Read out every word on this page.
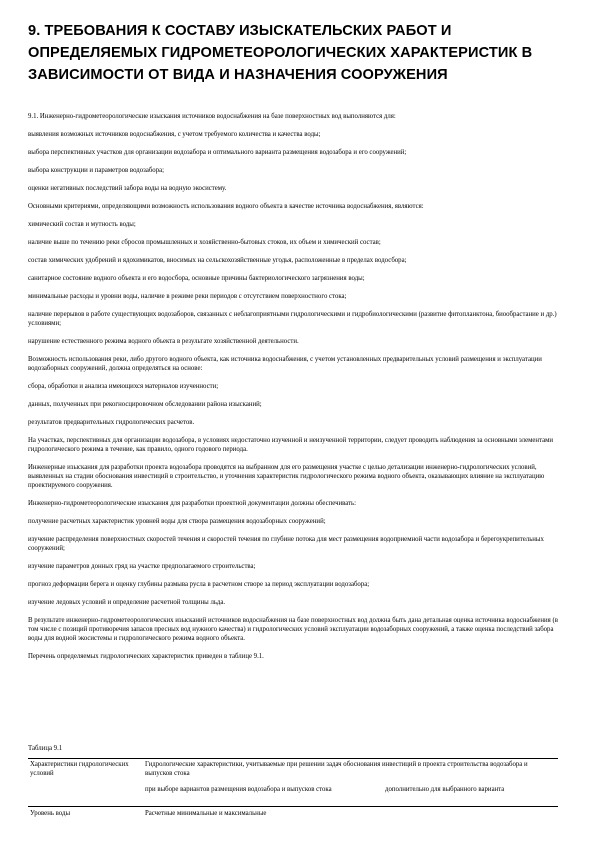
9. ТРЕБОВАНИЯ К СОСТАВУ ИЗЫСКАТЕЛЬСКИХ РАБОТ И ОПРЕДЕЛЯЕМЫХ ГИДРОМЕТЕОРОЛОГИЧЕСКИХ ХАРАКТЕРИСТИК В ЗАВИСИМОСТИ ОТ ВИДА И НАЗНАЧЕНИЯ СООРУЖЕНИЯ

9.1. Инженерно-гидрометеорологические изыскания источников водоснабжения на базе поверхностных вод выполняются для:

выявления возможных источников водоснабжения, с учетом требуемого количества и качества воды;

выбора перспективных участков для организации водозабора и оптимального варианта размещения водозабора и его сооружений;

выбора конструкции и параметров водозабора;

оценки негативных последствий забора воды на водную экосистему.

Основными критериями, определяющими возможность использования водного объекта в качестве источника водоснабжения, являются:

химический состав и мутность воды;

наличие выше по течению реки сбросов промышленных и хозяйственно-бытовых стоков, их объем и химический состав;

состав химических удобрений и ядохимикатов, вносимых на сельскохозяйственные угодья, расположенные в пределах водосбора;

санитарное состояние водного объекта и его водосбора, основные причины бактериологического загрязнения воды;

минимальные расходы и уровни воды, наличие в режиме реки периодов с отсутствием поверхностного стока;

наличие перерывов в работе существующих водозаборов, связанных с неблагоприятными гидрологическими и гидробиологическими (развитие фитопланктона, биообрастание и др.) условиями;

нарушение естественного режима водного объекта в результате хозяйственной деятельности.

Возможность использования реки, либо другого водного объекта, как источника водоснабжения, с учетом установленных предварительных условий размещения и эксплуатации водозаборных сооружений, должна определяться на основе:

сбора, обработки и анализа имеющихся материалов изученности;

данных, полученных при рекогносцировочном обследовании района изысканий;

результатов предварительных гидрологических расчетов.

На участках, перспективных для организации водозабора, в условиях недостаточно изученной и неизученной территории, следует проводить наблюдения за основными элементами гидрологического режима в течение, как правило, одного годового периода.

Инженерные изыскания для разработки проекта водозабора проводятся на выбранном для его размещения участке с целью детализации инженерно-гидрологических условий, выявленных на стадии обоснования инвестиций в строительство, и уточнения характеристик гидрологического режима водного объекта, оказывающих влияние на эксплуатацию проектируемого сооружения.

Инженерно-гидрометеорологические изыскания для разработки проектной документации должны обеспечивать:

получение расчетных характеристик уровней воды для створа размещения водозаборных сооружений;

изучение распределения поверхностных скоростей течения и скоростей течения по глубине потока для мест размещения водоприемной части водозабора и берегоукрепительных сооружений;

изучение параметров донных гряд на участке предполагаемого строительства;

прогноз деформации берега и оценку глубины размыва русла в расчетном створе за период эксплуатации водозабора;

изучение ледовых условий и определение расчетной толщины льда.

В результате инженерно-гидрометеорологических изысканий источников водоснабжения на базе поверхностных вод должна быть дана детальная оценка источника водоснабжения (в том числе с позиций противоречия запасов пресных вод нужного качества) и гидрологических условий эксплуатации водозаборных сооружений, а также оценка последствий забора воды для водной экосистемы и гидрологического режима водного объекта.

Перечень определяемых гидрологических характеристик приведен в таблице 9.1.

Таблица 9.1
Характеристики гидрологических условий
Гидрологические характеристики, учитываемые при решении задач обоснования инвестиций в проекта строительства водозабора и выпусков стока
при выборе вариантов размещения водозабора и выпусков стока	дополнительно для выбранного варианта
Уровень воды	Расчетные минимальные и максимальные
